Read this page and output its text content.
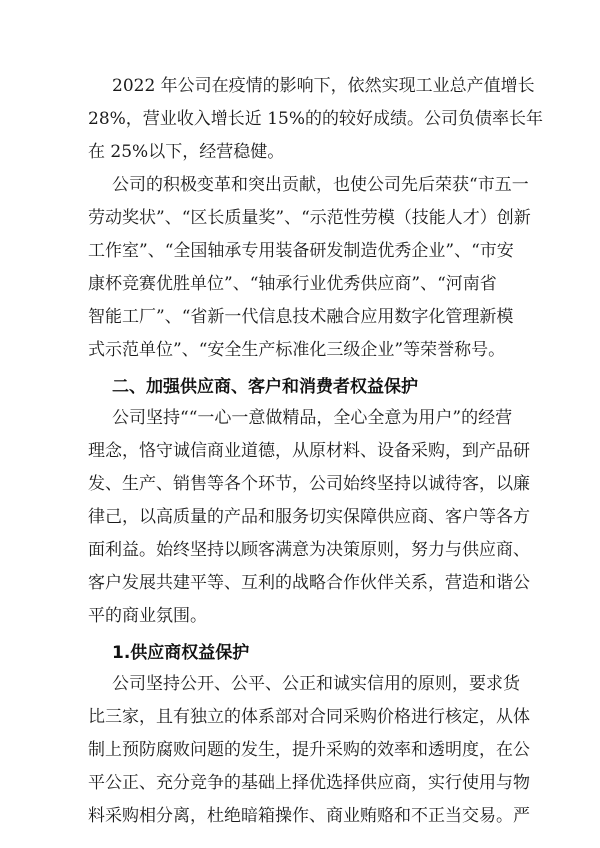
2022 年公司在疫情的影响下，依然实现工业总产值增长
28%，营业收入增长近 15%的的较好成绩。公司负债率长年
在 25%以下，经营稳健。
公司的积极变革和突出贡献，也使公司先后荣获“市五一
劳动奖状”、“区长质量奖”、“示范性劳模（技能人才）创新
工作室”、“全国轴承专用装备研发制造优秀企业”、“市安
康杯竞赛优胜单位”、“轴承行业优秀供应商”、“河南省
智能工厂”、“省新一代信息技术融合应用数字化管理新模
式示范单位”、“安全生产标准化三级企业”等荣誉称号。
二、加强供应商、客户和消费者权益保护
公司坚持““一心一意做精品，全心全意为用户”的经营
理念，恪守诚信商业道德，从原材料、设备采购，到产品研
发、生产、销售等各个环节，公司始终坚持以诚待客，以廉
律己，以高质量的产品和服务切实保障供应商、客户等各方
面利益。始终坚持以顾客满意为决策原则，努力与供应商、
客户发展共建平等、互利的战略合作伙伴关系，营造和谐公
平的商业氛围。
1.供应商权益保护
公司坚持公开、公平、公正和诚实信用的原则，要求货
比三家，且有独立的体系部对合同采购价格进行核定，从体
制上预防腐败问题的发生，提升采购的效率和透明度，在公
平公正、充分竞争的基础上择优选择供应商，实行使用与物
料采购相分离，杜绝暗箱操作、商业贿赂和不正当交易。严
